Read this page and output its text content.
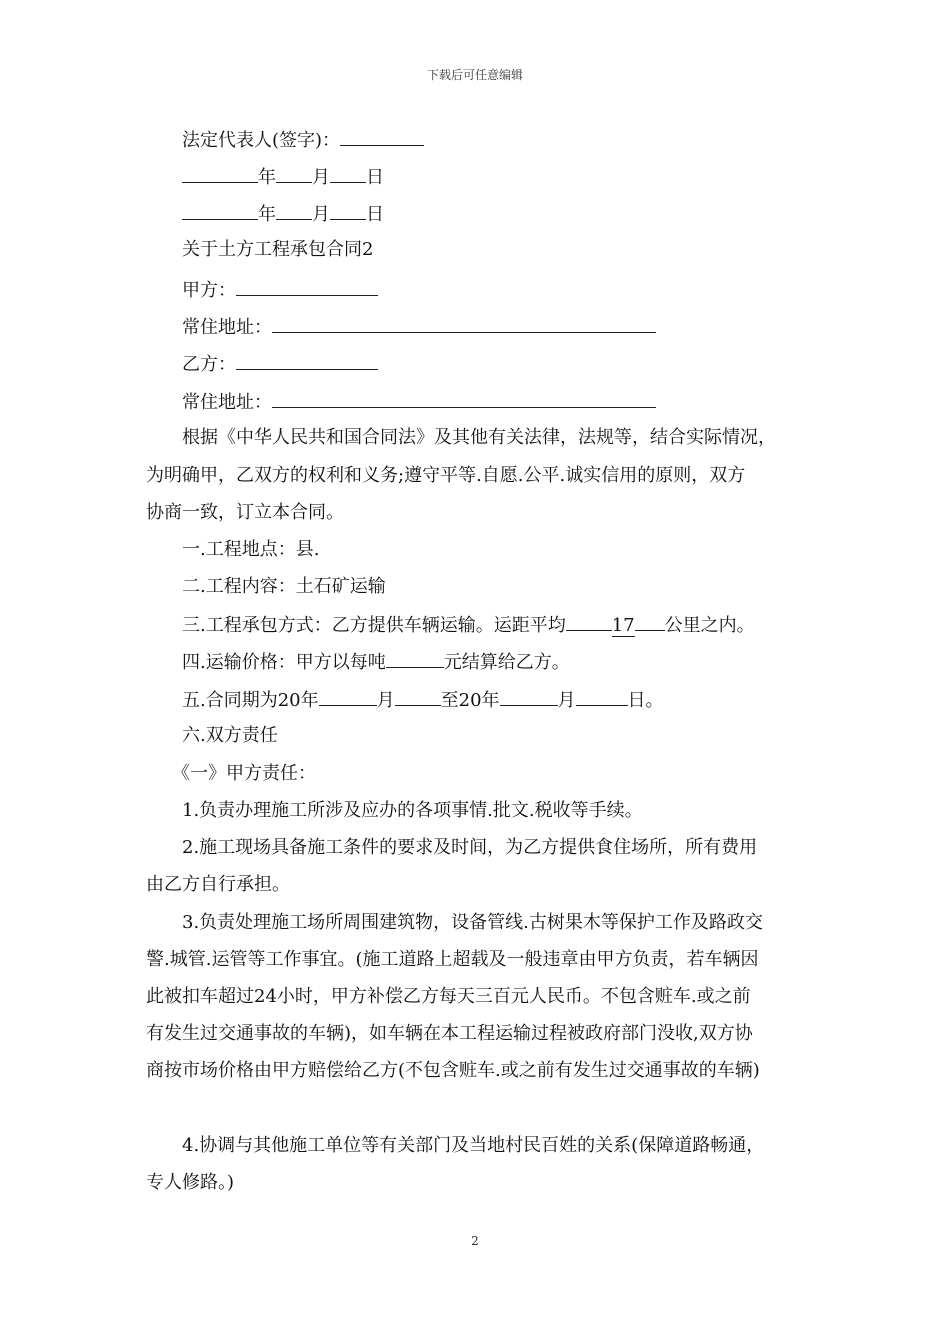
下载后可任意编辑
法定代表人(签字)：
年 月 日
年 月 日
关于土方工程承包合同2
甲方：
常住地址：
乙方：
常住地址：
根据《中华人民共和国合同法》及其他有关法律，法规等，结合实际情况，
为明确甲，乙双方的权利和义务;遵守平等.自愿.公平.诚实信用的原则，双方
协商一致，订立本合同。
一.工程地点：县.
二.工程内容：土石矿运输
三.工程承包方式：乙方提供车辆运输。运距平均	17 公里之内。
四.运输价格：甲方以每吨	元结算给乙方。
五.合同期为20年	月	至20年	月	日。
六.双方责任
《一》甲方责任：
1.负责办理施工所涉及应办的各项事情.批文.税收等手续。
2.施工现场具备施工条件的要求及时间，为乙方提供食住场所，所有费用
由乙方自行承担。
3.负责处理施工场所周围建筑物，设备管线.古树果木等保护工作及路政交
警.城管.运管等工作事宜。(施工道路上超载及一般违章由甲方负责，若车辆因
此被扣车超过24小时，甲方补偿乙方每天三百元人民币。不包含赃车.或之前
有发生过交通事故的车辆)，如车辆在本工程运输过程被政府部门没收,双方协
商按市场价格由甲方赔偿给乙方(不包含赃车.或之前有发生过交通事故的车辆)
4.协调与其他施工单位等有关部门及当地村民百姓的关系(保障道路畅通，
专人修路。)
2
